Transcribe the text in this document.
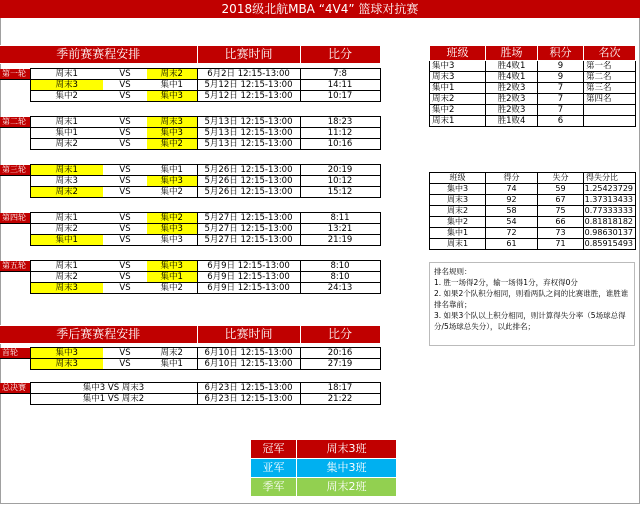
2018级北航MBA “4V4” 篮球对抗赛
季前赛赛程安排				比赛时间	比分

第一轮	周末1	VS	周末2	6月2日 12:15-13:00	7:8
	周末3	VS	集中1	5月12日 12:15-13:00	14:11
	集中2	VS	集中3	5月12日 12:15-13:00	10:17

第二轮	周末1	VS	周末3	5月13日 12:15-13:00	18:23
	集中1	VS	集中3	5月13日 12:15-13:00	11:12
	周末2	VS	集中2	5月13日 12:15-13:00	10:16

第三轮	周末1	VS	集中1	5月26日 12:15-13:00	20:19
	周末3	VS	集中3	5月26日 12:15-13:00	10:12
	周末2	VS	集中2	5月26日 12:15-13:00	15:12

第四轮	周末1	VS	集中2	5月27日 12:15-13:00	8:11
	周末2	VS	集中3	5月27日 12:15-13:00	13:21
	集中1	VS	集中3	5月27日 12:15-13:00	21:19

第五轮	周末1	VS	集中3	6月9日 12:15-13:00	8:10
	周末2	VS	集中1	6月9日 12:15-13:00	8:10
	周末3	VS	集中2	6月9日 12:15-13:00	24:13

季后赛赛程安排				比赛时间	比分

首轮	集中3	VS	周末2	6月10日 12:15-13:00	20:16
	周末3	VS	集中1	6月10日 12:15-13:00	27:19

总决赛	集中3 VS 周末3			6月23日 12:15-13:00	18:17
	集中1 VS 周末2			6月23日 12:15-13:00	21:22
班级	胜场	积分	名次
集中3	胜4败1	9	第一名
周末3	胜4败1	9	第二名
集中1	胜2败3	7	第三名
周末2	胜2败3	7	第四名
集中2	胜2败3	7	
周末1	胜1败4	6	
班级	得分	失分	得失分比
集中3	74	59	1.25423729
周末3	92	67	1.37313433
周末2	58	75	0.77333333
集中2	54	66	0.81818182
集中1	72	73	0.98630137
周末1	61	71	0.85915493
排名规则：
1. 胜一场得2分，输一场得1分，弃权得0分
2. 如果2个队积分相同，则看两队之间的比赛谁胜，谁胜谁排名靠前；
3. 如果3个队以上积分相同，则计算得失分率（5场球总得分/5场球总失分），以此排名；
冠军	周末3班
亚军	集中3班
季军	周末2班
